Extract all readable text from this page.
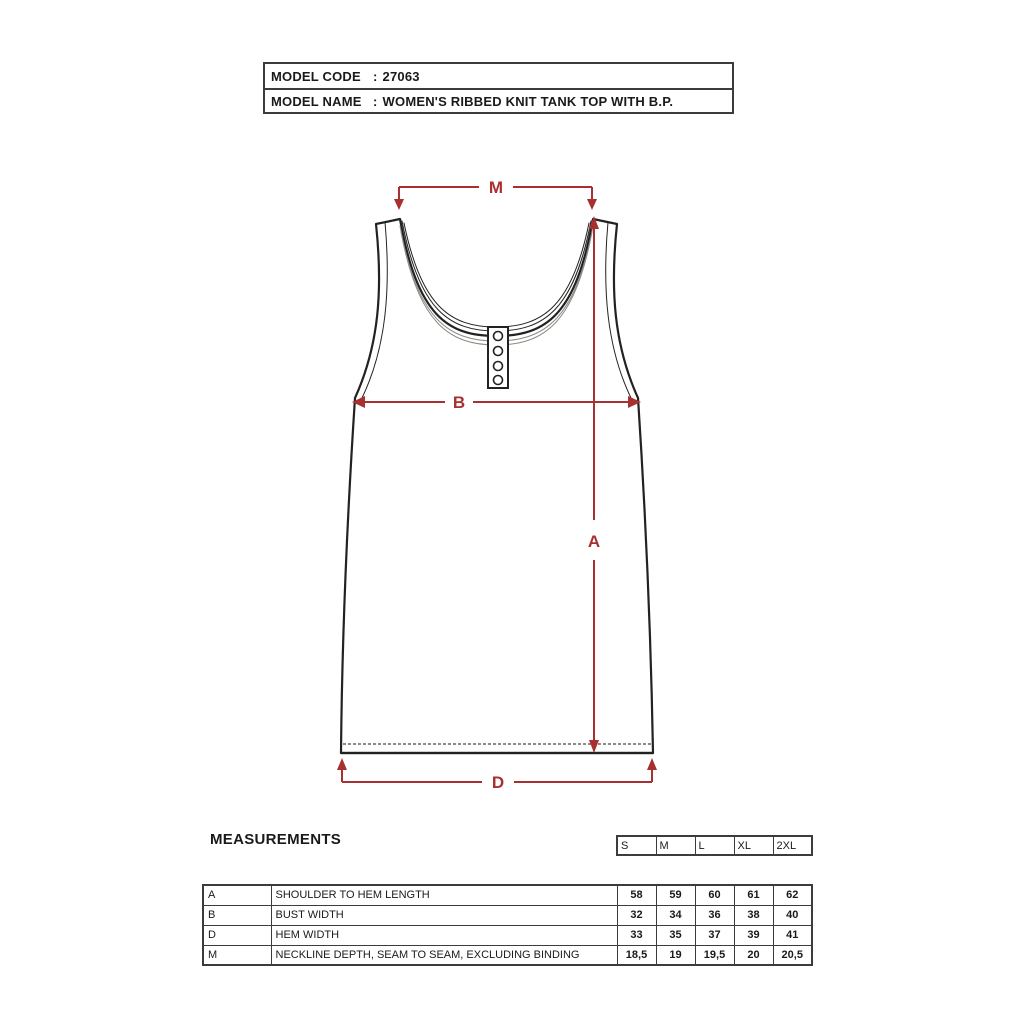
MODEL CODE : 27063
MODEL NAME : WOMEN'S RIBBED KNIT TANK TOP WITH B.P.
M
B
A
D
MEASUREMENTS	S	M	L	XL	2XL
A	SHOULDER TO HEM LENGTH	58	59	60	61	62
B	BUST WIDTH	32	34	36	38	40
D	HEM WIDTH	33	35	37	39	41
M	NECKLINE DEPTH, SEAM TO SEAM, EXCLUDING BINDING	18,5	19	19,5	20	20,5
